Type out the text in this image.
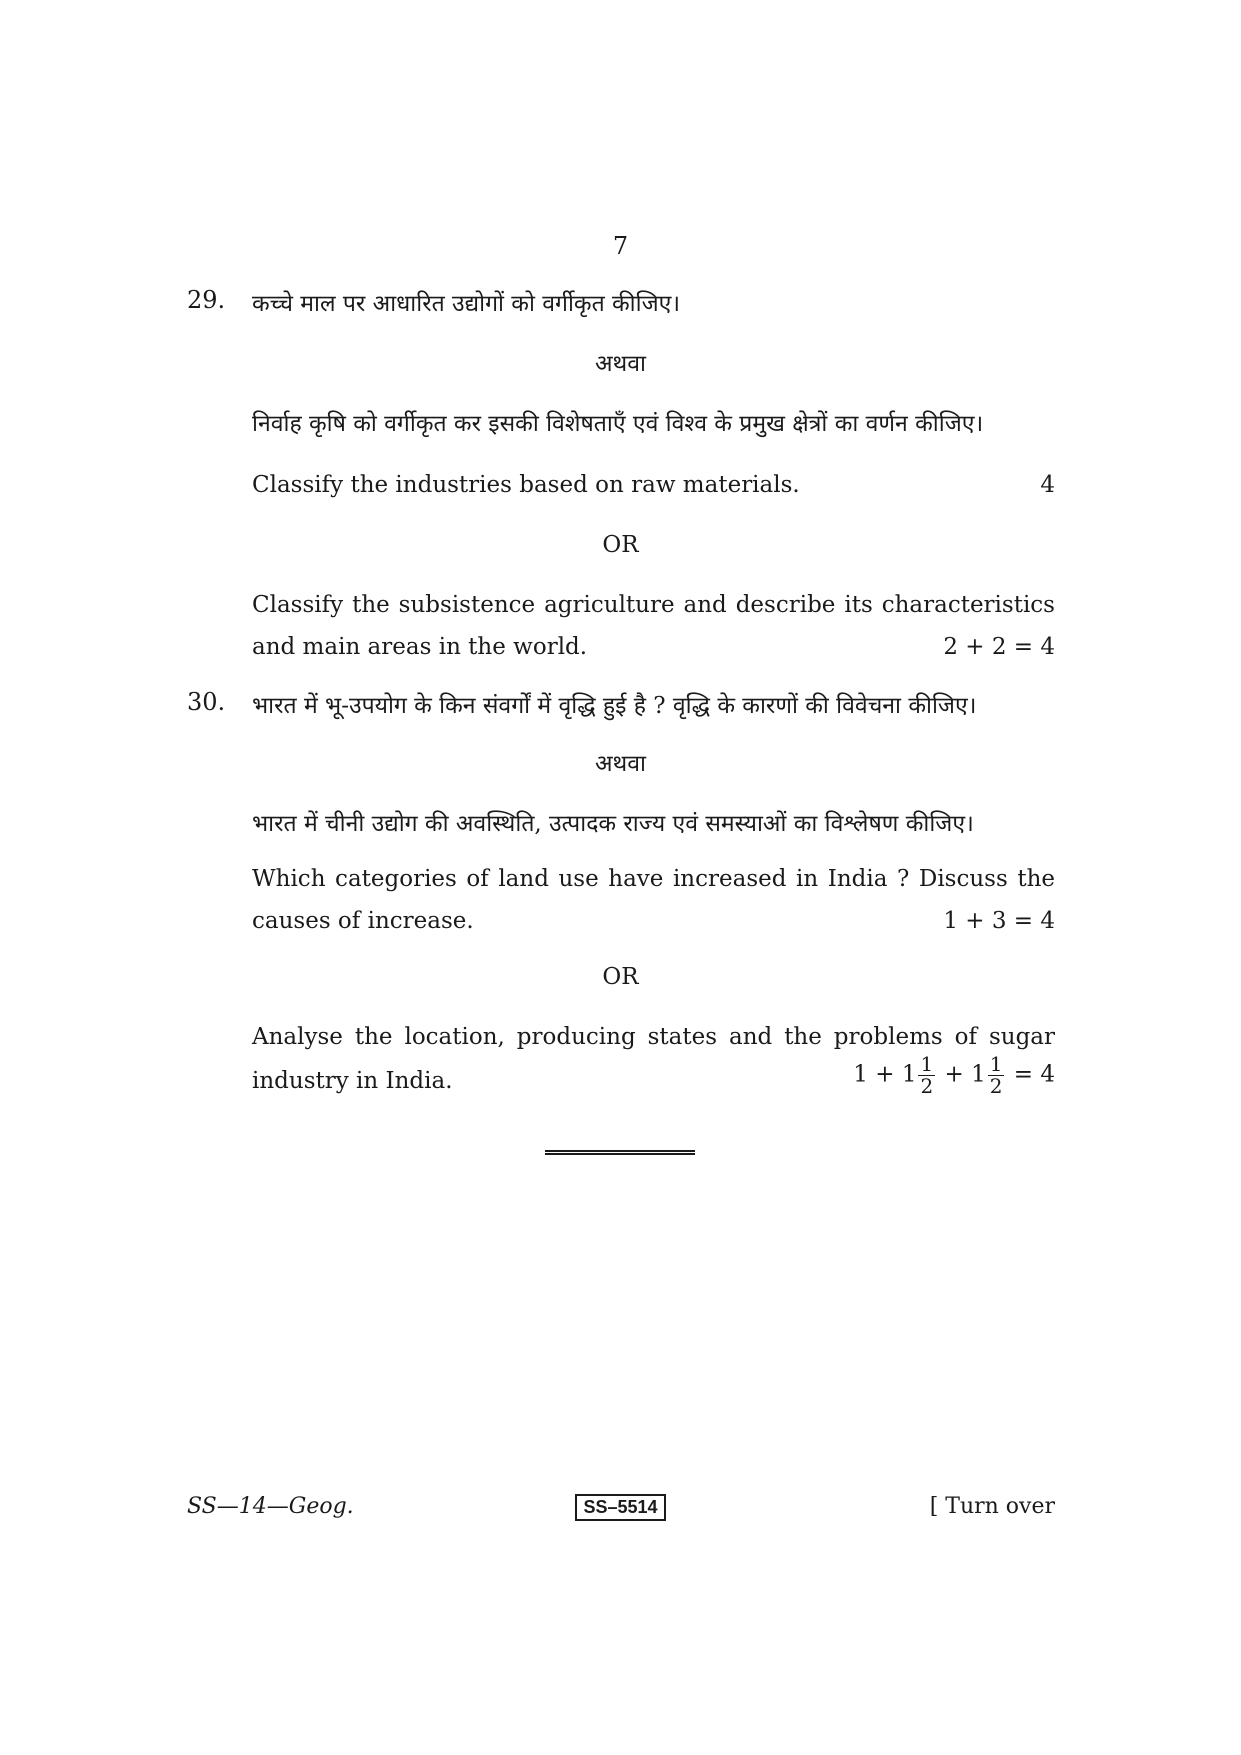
7
29. कच्चे माल पर आधारित उद्योगों को वर्गीकृत कीजिए।
अथवा
निर्वाह कृषि को वर्गीकृत कर इसकी विशेषताएँ एवं विश्व के प्रमुख क्षेत्रों का वर्णन कीजिए।
Classify the industries based on raw materials.	4
OR
Classify the subsistence agriculture and describe its characteristics
and main areas in the world.	2 + 2 = 4
30. भारत में भू-उपयोग के किन संवर्गों में वृद्धि हुई है ? वृद्धि के कारणों की विवेचना कीजिए।
अथवा
भारत में चीनी उद्योग की अवस्थिति, उत्पादक राज्य एवं समस्याओं का विश्लेषण कीजिए।
Which categories of land use have increased in India ? Discuss the
causes of increase.	1 + 3 = 4
OR
Analyse the location, producing states and the problems of sugar
industry in India.	$1 + 1 \frac{1}{2} + 1 \frac{1}{2} = 4$
SS—14—Geog.	SS–5514	[ Turn over
